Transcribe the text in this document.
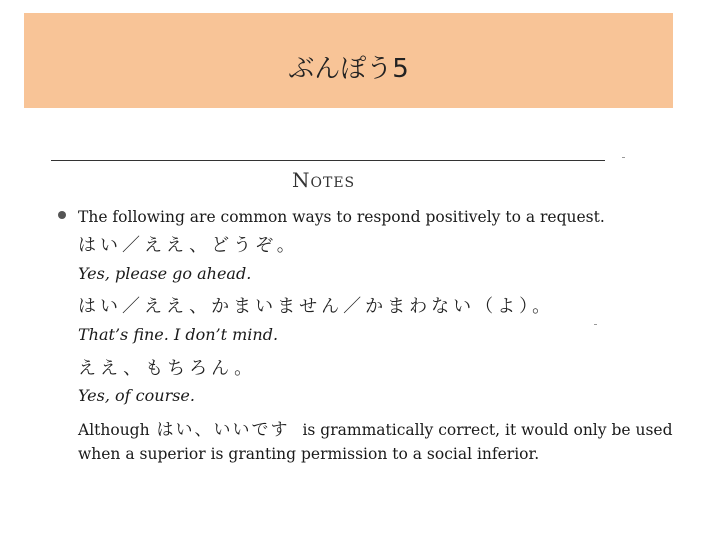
ぶんぽう5
Notes
The following are common ways to respond positively to a request.
はい／ええ、どうぞ。
Yes, please go ahead.
はい／ええ、かまいません／かまわない（よ）。
That’s fine. I don’t mind.
ええ、もちろん。
Yes, of course.
Although はい、いいです is grammatically correct, it would only be used
when a superior is granting permission to a social inferior.
